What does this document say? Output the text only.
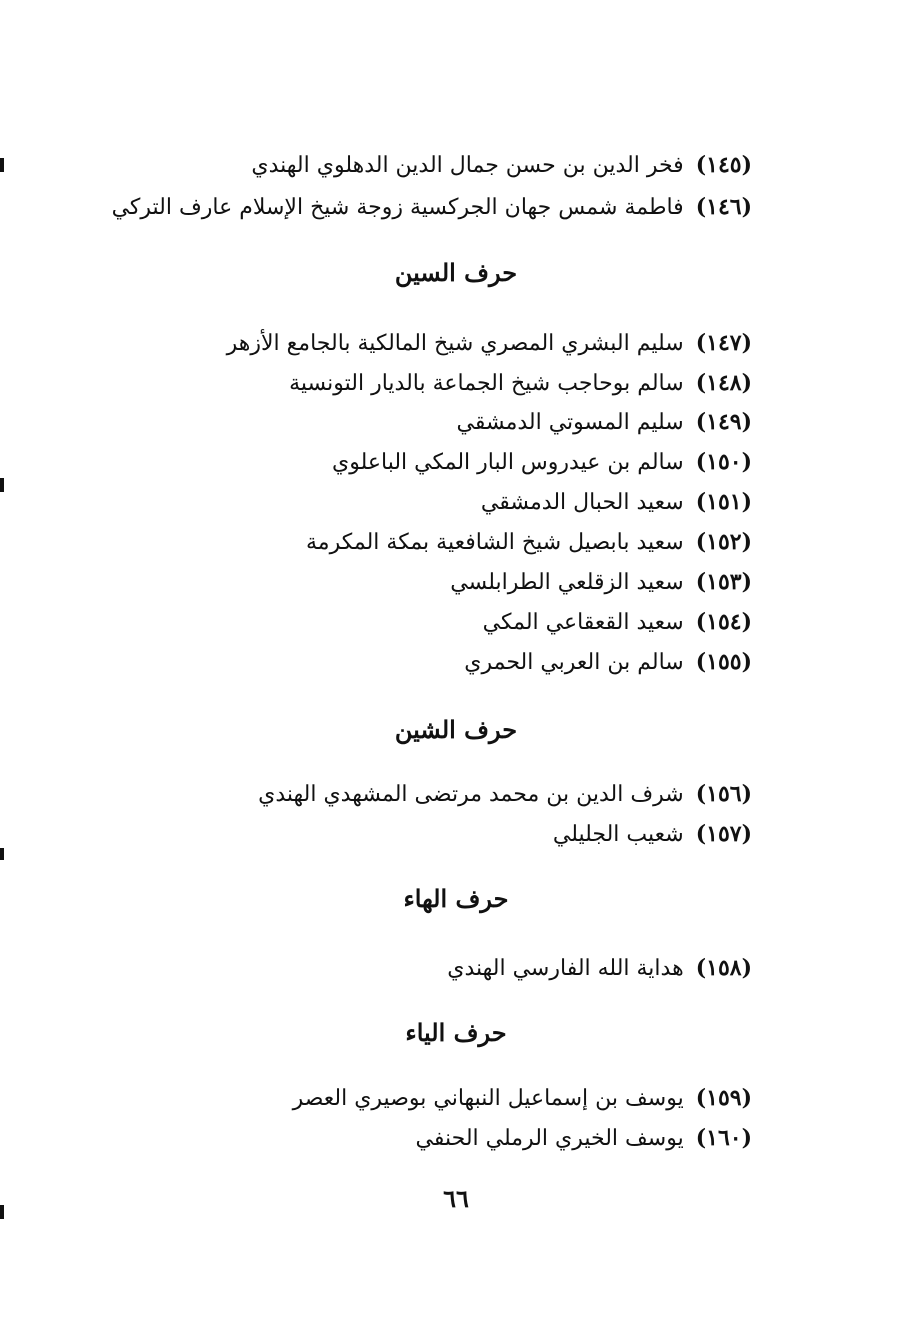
(١٤٥)فخر الدين بن حسن جمال الدين الدهلوي الهندي
(١٤٦)فاطمة شمس جهان الجركسية زوجة شيخ الإسلام عارف التركي
حرف السين
(١٤٧)سليم البشري المصري شيخ المالكية بالجامع الأزهر
(١٤٨)سالم بوحاجب شيخ الجماعة بالديار التونسية
(١٤٩)سليم المسوتي الدمشقي
(١٥٠)سالم بن عيدروس البار المكي الباعلوي
(١٥١)سعيد الحبال الدمشقي
(١٥٢)سعيد بابصيل شيخ الشافعية بمكة المكرمة
(١٥٣)سعيد الزقلعي الطرابلسي
(١٥٤)سعيد القعقاعي المكي
(١٥٥)سالم بن العربي الحمري
حرف الشين
(١٥٦)شرف الدين بن محمد مرتضى المشهدي الهندي
(١٥٧)شعيب الجليلي
حرف الهاء
(١٥٨)هداية الله الفارسي الهندي
حرف الياء
(١٥٩)يوسف بن إسماعيل النبهاني بوصيري العصر
(١٦٠)يوسف الخيري الرملي الحنفي
٦٦
